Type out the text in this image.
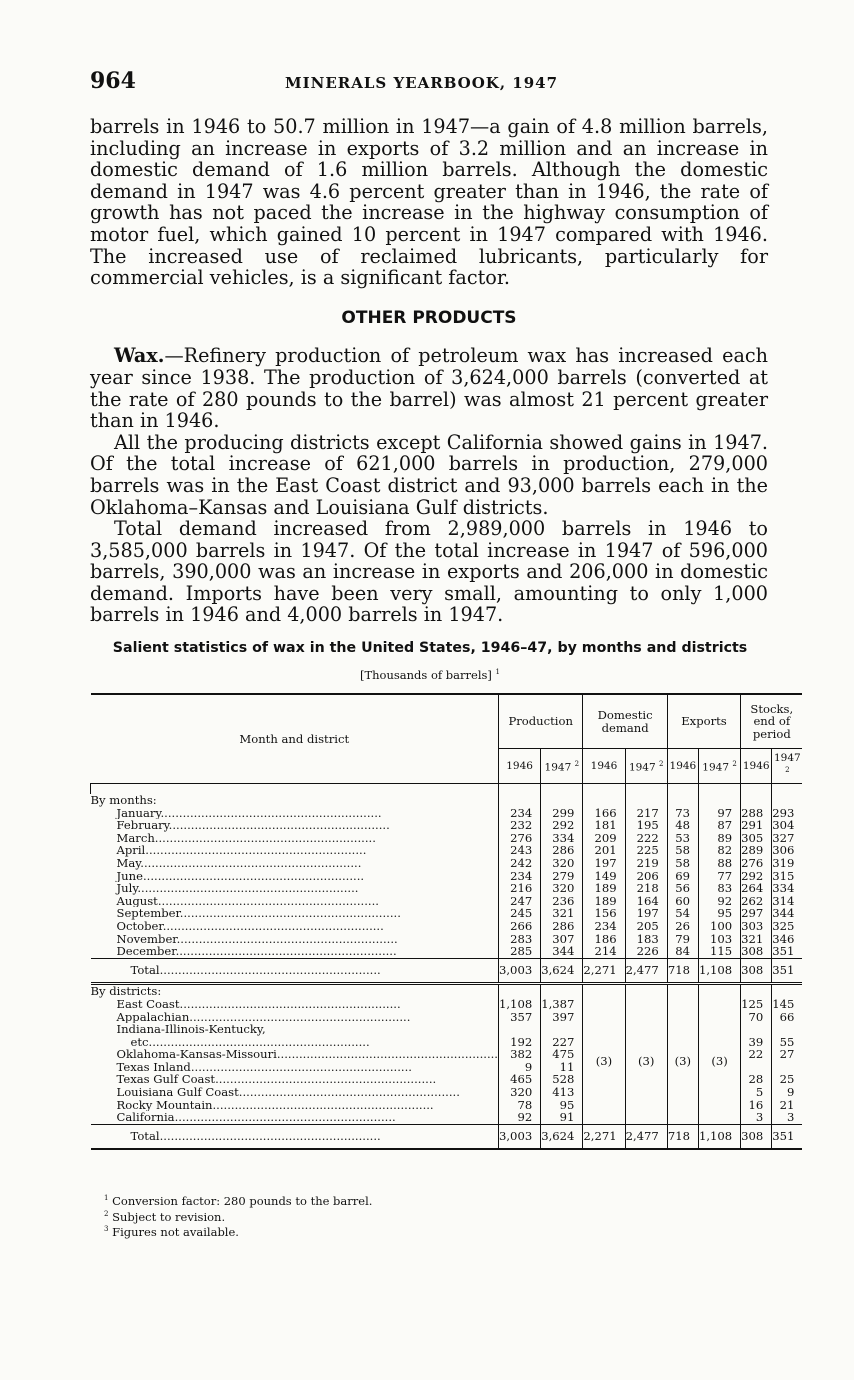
964	MINERALS YEARBOOK, 1947

barrels in 1946 to 50.7 million in 1947—a gain of 4.8 million barrels, including an increase in exports of 3.2 million and an increase in domestic demand of 1.6 million barrels. Although the domestic demand in 1947 was 4.6 percent greater than in 1946, the rate of growth has not paced the increase in the highway consumption of motor fuel, which gained 10 percent in 1947 compared with 1946. The increased use of reclaimed lubricants, particularly for commercial vehicles, is a significant factor.

OTHER PRODUCTS

Wax.—Refinery production of petroleum wax has increased each year since 1938. The production of 3,624,000 barrels (converted at the rate of 280 pounds to the barrel) was almost 21 percent greater than in 1946.

All the producing districts except California showed gains in 1947. Of the total increase of 621,000 barrels in production, 279,000 barrels was in the East Coast district and 93,000 barrels each in the Oklahoma–Kansas and Louisiana Gulf districts.

Total demand increased from 2,989,000 barrels in 1946 to 3,585,000 barrels in 1947. Of the total increase in 1947 of 596,000 barrels, 390,000 was an increase in exports and 206,000 in domestic demand. Imports have been very small, amounting to only 1,000 barrels in 1946 and 4,000 barrels in 1947.

Salient statistics of wax in the United States, 1946–47, by months and districts
[Thousands of barrels] $^1$
Month and district	Production		Domestic demand		Exports		Stocks, end of period	
	1946	1947 $^2$	1946	1947 $^2$	1946	1947 $^2$	1946	1947 $^2$

By months:								
January............................................................	234	299	166	217	73	97	288	293
February............................................................	232	292	181	195	48	87	291	304
March............................................................	276	334	209	222	53	89	305	327
April............................................................	243	286	201	225	58	82	289	306
May............................................................	242	320	197	219	58	88	276	319
June............................................................	234	279	149	206	69	77	292	315
July............................................................	216	320	189	218	56	83	264	334
August............................................................	247	236	189	164	60	92	262	314
September............................................................	245	321	156	197	54	95	297	344
October............................................................	266	286	234	205	26	100	303	325
November............................................................	283	307	186	183	79	103	321	346
December............................................................	285	344	214	226	84	115	308	351
Total............................................................	3,003	3,624	2,271	2,477	718	1,108	308	351
By districts:								
East Coast............................................................	1,108	1,387	(3)	(3)	(3)	(3)	125	145
Appalachian............................................................	357	397					70	66
Indiana-Illinois-Kentucky,								
etc............................................................	192	227					39	55
Oklahoma-Kansas-Missouri............................................................	382	475					22	27
Texas Inland............................................................	9	11						
Texas Gulf Coast............................................................	465	528					28	25
Louisiana Gulf Coast............................................................	320	413					5	9
Rocky Mountain............................................................	78	95					16	21
California............................................................	92	91					3	3
Total............................................................	3,003	3,624	2,271	2,477	718	1,108	308	351
$^1$ Conversion factor: 280 pounds to the barrel.
$^2$ Subject to revision.
$^3$ Figures not available.
